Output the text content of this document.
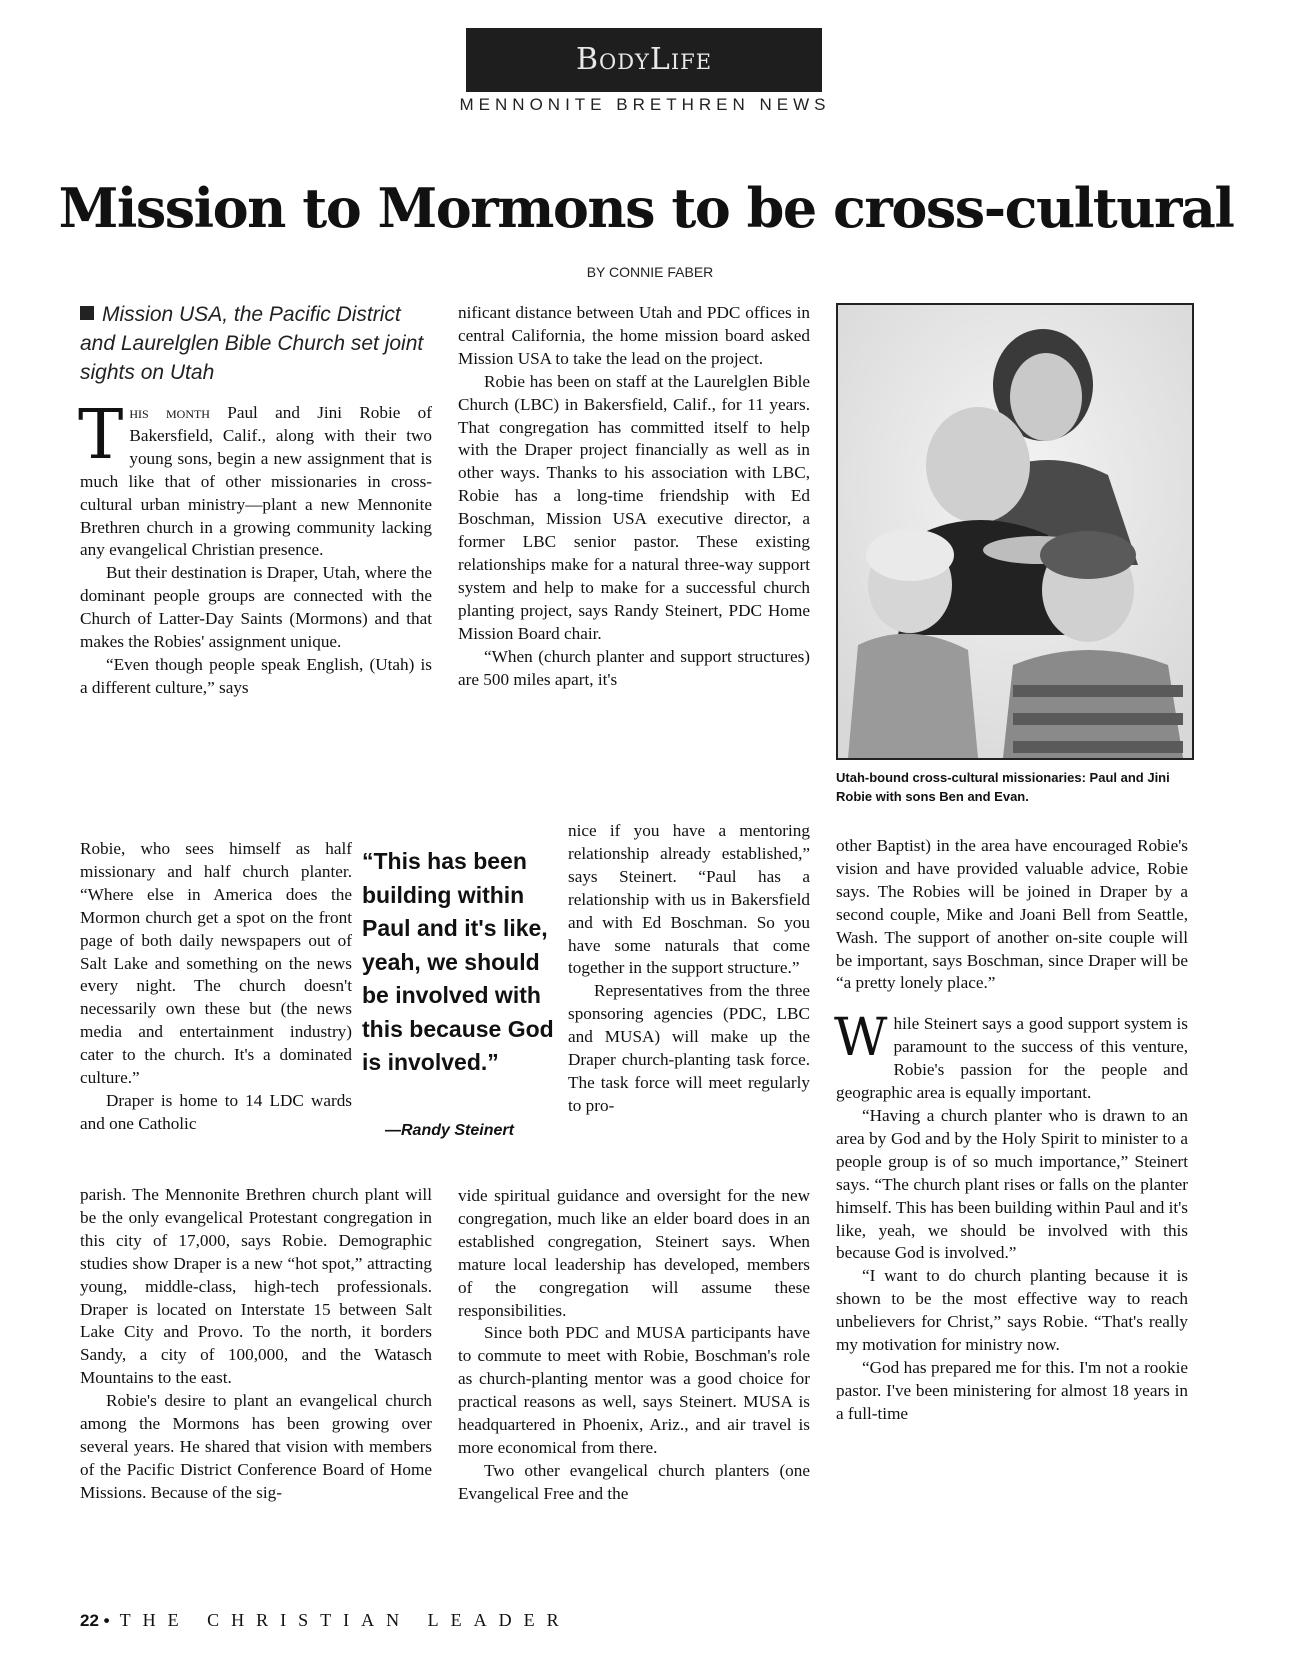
BodyLife
MENNONITE BRETHREN NEWS
Mission to Mormons to be cross-cultural
BY CONNIE FABER
Mission USA, the Pacific District and Laurelglen Bible Church set joint sights on Utah

This month Paul and Jini Robie of Bakersfield, Calif., along with their two young sons, begin a new assignment that is much like that of other missionaries in cross-cultural urban ministry—plant a new Mennonite Brethren church in a growing community lacking any evangelical Christian presence.

But their destination is Draper, Utah, where the dominant people groups are connected with the Church of Latter-Day Saints (Mormons) and that makes the Robies' assignment unique.

“Even though people speak English, (Utah) is a different culture,” says

Robie, who sees himself as half missionary and half church planter. “Where else in America does the Mormon church get a spot on the front page of both daily newspapers out of Salt Lake and something on the news every night. The church doesn't necessarily own these but (the news media and entertainment industry) cater to the church. It's a dominated culture.”

Draper is home to 14 LDC wards and one Catholic

parish. The Mennonite Brethren church plant will be the only evangelical Protestant congregation in this city of 17,000, says Robie. Demographic studies show Draper is a new “hot spot,” attracting young, middle-class, high-tech professionals. Draper is located on Interstate 15 between Salt Lake City and Provo. To the north, it borders Sandy, a city of 100,000, and the Watasch Mountains to the east.

Robie's desire to plant an evangelical church among the Mormons has been growing over several years. He shared that vision with members of the Pacific District Conference Board of Home Missions. Because of the sig-

“This has been building within Paul and it's like, yeah, we should be involved with this because God is involved.”
—Randy Steinert

nificant distance between Utah and PDC offices in central California, the home mission board asked Mission USA to take the lead on the project.

Robie has been on staff at the Laurelglen Bible Church (LBC) in Bakersfield, Calif., for 11 years. That congregation has committed itself to help with the Draper project financially as well as in other ways. Thanks to his association with LBC, Robie has a long-time friendship with Ed Boschman, Mission USA executive director, a former LBC senior pastor. These existing relationships make for a natural three-way support system and help to make for a successful church planting project, says Randy Steinert, PDC Home Mission Board chair.

“When (church planter and support structures) are 500 miles apart, it's

nice if you have a mentoring relationship already established,” says Steinert. “Paul has a relationship with us in Bakersfield and with Ed Boschman. So you have some naturals that come together in the support structure.”

Representatives from the three sponsoring agencies (PDC, LBC and MUSA) will make up the Draper church-planting task force. The task force will meet regularly to pro-

vide spiritual guidance and oversight for the new congregation, much like an elder board does in an established congregation, Steinert says. When mature local leadership has developed, members of the congregation will assume these responsibilities.

Since both PDC and MUSA participants have to commute to meet with Robie, Boschman's role as church-planting mentor was a good choice for practical reasons as well, says Steinert. MUSA is headquartered in Phoenix, Ariz., and air travel is more economical from there.

Two other evangelical church planters (one Evangelical Free and the

Utah-bound cross-cultural missionaries: Paul and Jini Robie with sons Ben and Evan.

other Baptist) in the area have encouraged Robie's vision and have provided valuable advice, Robie says. The Robies will be joined in Draper by a second couple, Mike and Joani Bell from Seattle, Wash. The support of another on-site couple will be important, says Boschman, since Draper will be “a pretty lonely place.”

While Steinert says a good support system is paramount to the success of this venture, Robie's passion for the people and geographic area is equally important.

“Having a church planter who is drawn to an area by God and by the Holy Spirit to minister to a people group is of so much importance,” Steinert says. “The church plant rises or falls on the planter himself. This has been building within Paul and it's like, yeah, we should be involved with this because God is involved.”

“I want to do church planting because it is shown to be the most effective way to reach unbelievers for Christ,” says Robie. “That's really my motivation for ministry now.

“God has prepared me for this. I'm not a rookie pastor. I've been ministering for almost 18 years in a full-time

22 • THE CHRISTIAN LEADER
